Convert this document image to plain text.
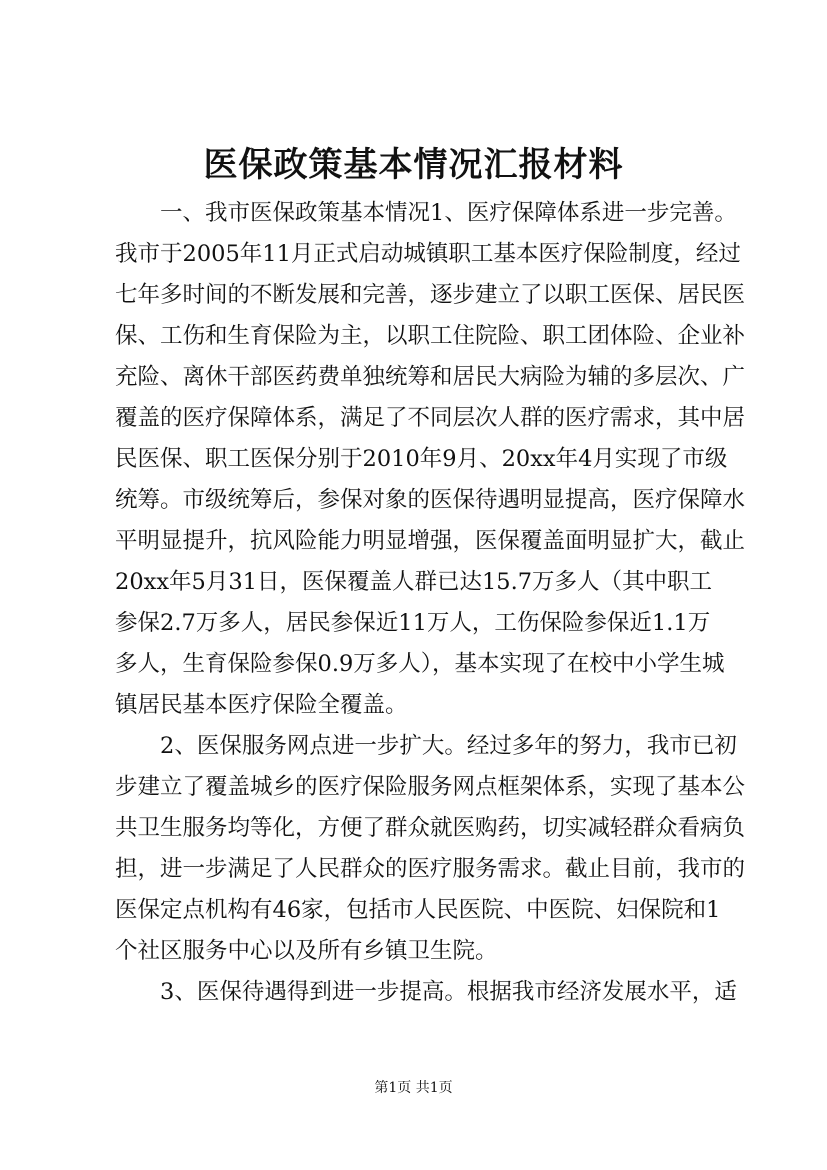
医保政策基本情况汇报材料
　　一、我市医保政策基本情况1、医疗保障体系进一步完善。
我市于2005年11月正式启动城镇职工基本医疗保险制度，经过
七年多时间的不断发展和完善，逐步建立了以职工医保、居民医
保、工伤和生育保险为主，以职工住院险、职工团体险、企业补
充险、离休干部医药费单独统筹和居民大病险为辅的多层次、广
覆盖的医疗保障体系，满足了不同层次人群的医疗需求，其中居
民医保、职工医保分别于2010年9月、20xx年4月实现了市级
统筹。市级统筹后，参保对象的医保待遇明显提高，医疗保障水
平明显提升，抗风险能力明显增强，医保覆盖面明显扩大，截止
20xx年5月31日，医保覆盖人群已达15.7万多人（其中职工
参保2.7万多人，居民参保近11万人，工伤保险参保近1.1万
多人，生育保险参保0.9万多人），基本实现了在校中小学生城
镇居民基本医疗保险全覆盖。
　　2、医保服务网点进一步扩大。经过多年的努力，我市已初
步建立了覆盖城乡的医疗保险服务网点框架体系，实现了基本公
共卫生服务均等化，方便了群众就医购药，切实减轻群众看病负
担，进一步满足了人民群众的医疗服务需求。截止目前，我市的
医保定点机构有46家，包括市人民医院、中医院、妇保院和1
个社区服务中心以及所有乡镇卫生院。
　　3、医保待遇得到进一步提高。根据我市经济发展水平，适
第1页 共1页
